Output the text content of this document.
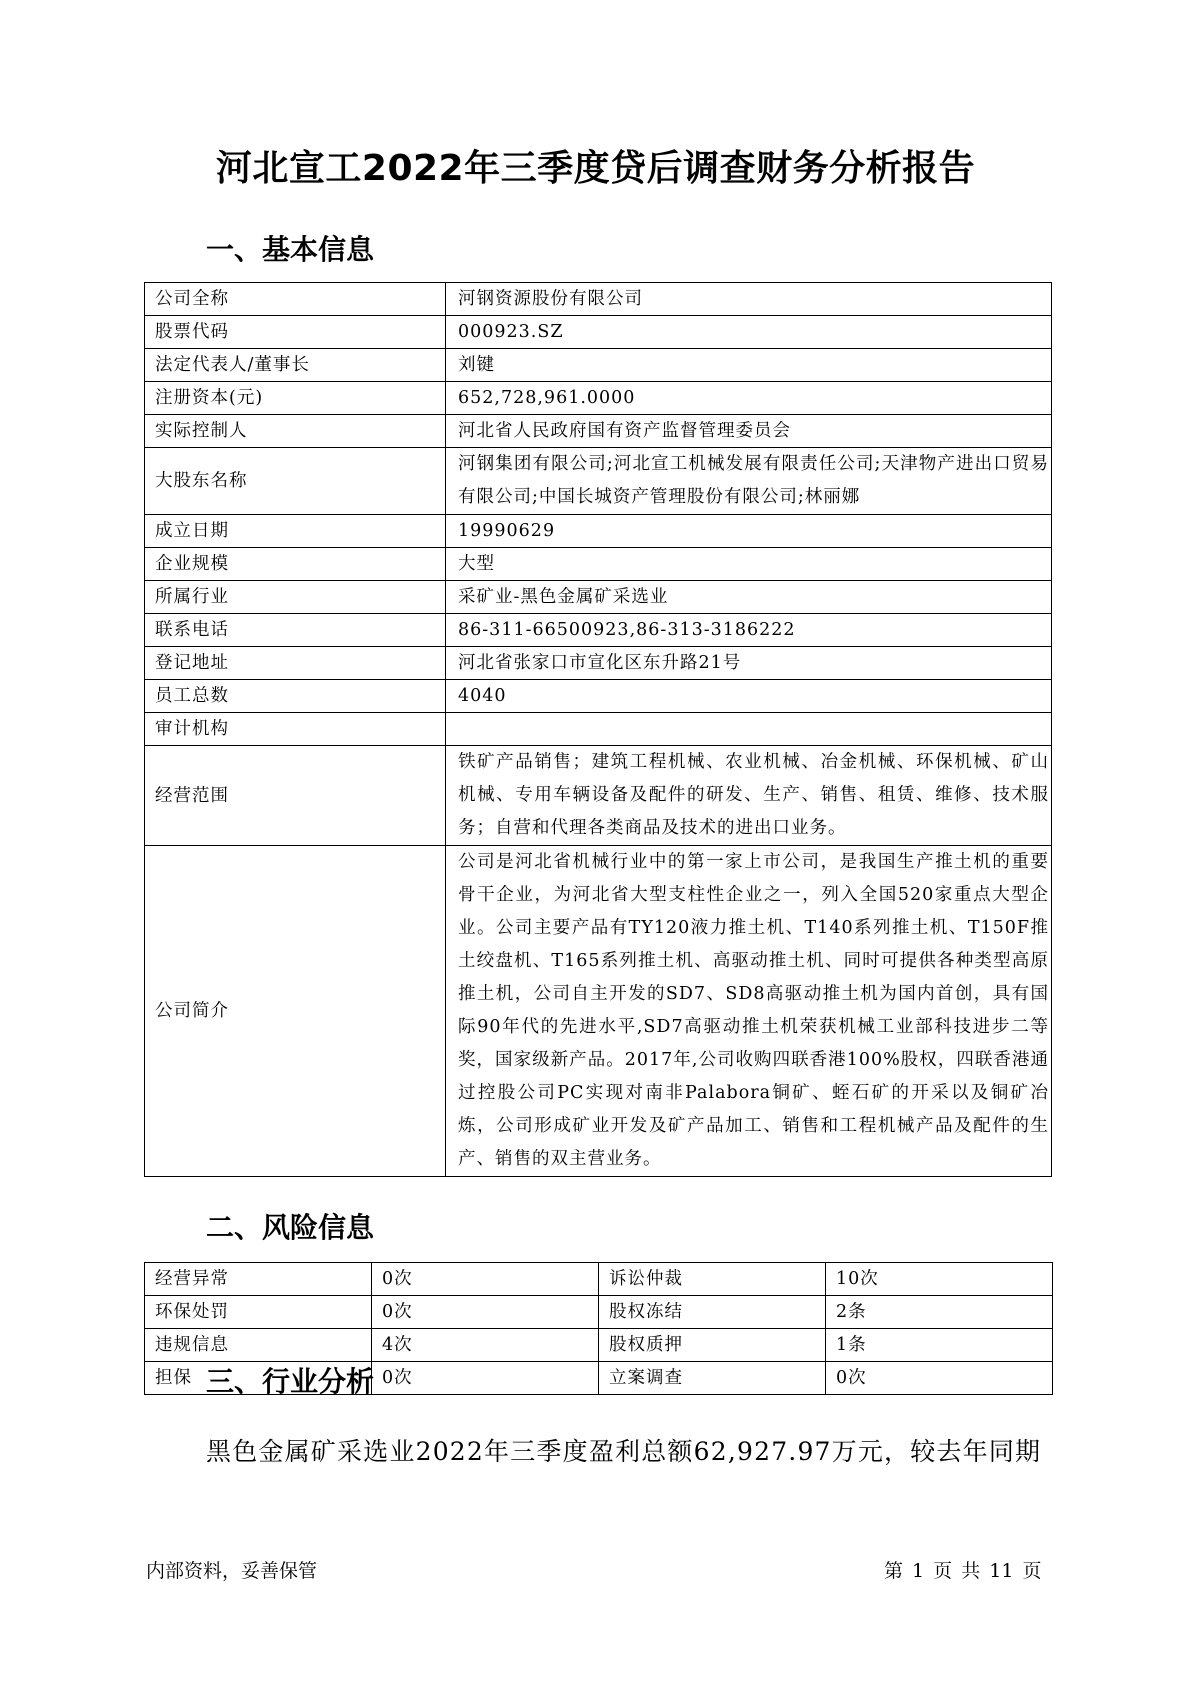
河北宣工2022年三季度贷后调查财务分析报告
一、基本信息
公司全称	河钢资源股份有限公司
股票代码	000923.SZ
法定代表人/董事长	刘键
注册资本(元)	652,728,961.0000
实际控制人	河北省人民政府国有资产监督管理委员会
大股东名称	河钢集团有限公司;河北宣工机械发展有限责任公司;天津物产进出口贸易有限公司;中国长城资产管理股份有限公司;林丽娜
成立日期	19990629
企业规模	大型
所属行业	采矿业-黑色金属矿采选业
联系电话	86-311-66500923,86-313-3186222
登记地址	河北省张家口市宣化区东升路21号
员工总数	4040
审计机构	
经营范围	铁矿产品销售；建筑工程机械、农业机械、冶金机械、环保机械、矿山机械、专用车辆设备及配件的研发、生产、销售、租赁、维修、技术服务；自营和代理各类商品及技术的进出口业务。
公司简介	公司是河北省机械行业中的第一家上市公司，是我国生产推土机的重要骨干企业，为河北省大型支柱性企业之一，列入全国520家重点大型企业。公司主要产品有TY120液力推土机、T140系列推土机、T150F推土绞盘机、T165系列推土机、高驱动推土机、同时可提供各种类型高原推土机，公司自主开发的SD7、SD8高驱动推土机为国内首创，具有国际90年代的先进水平,SD7高驱动推土机荣获机械工业部科技进步二等奖，国家级新产品。2017年,公司收购四联香港100%股权，四联香港通过控股公司PC实现对南非Palabora铜矿、蛭石矿的开采以及铜矿冶炼，公司形成矿业开发及矿产品加工、销售和工程机械产品及配件的生产、销售的双主营业务。
二、风险信息
经营异常	0次	诉讼仲裁	10次
环保处罚	0次	股权冻结	2条
违规信息	4次	股权质押	1条
担保	0次	立案调查	0次
三、行业分析
黑色金属矿采选业2022年三季度盈利总额62,927.97万元，较去年同期
内部资料，妥善保管	第 1 页 共 11 页
